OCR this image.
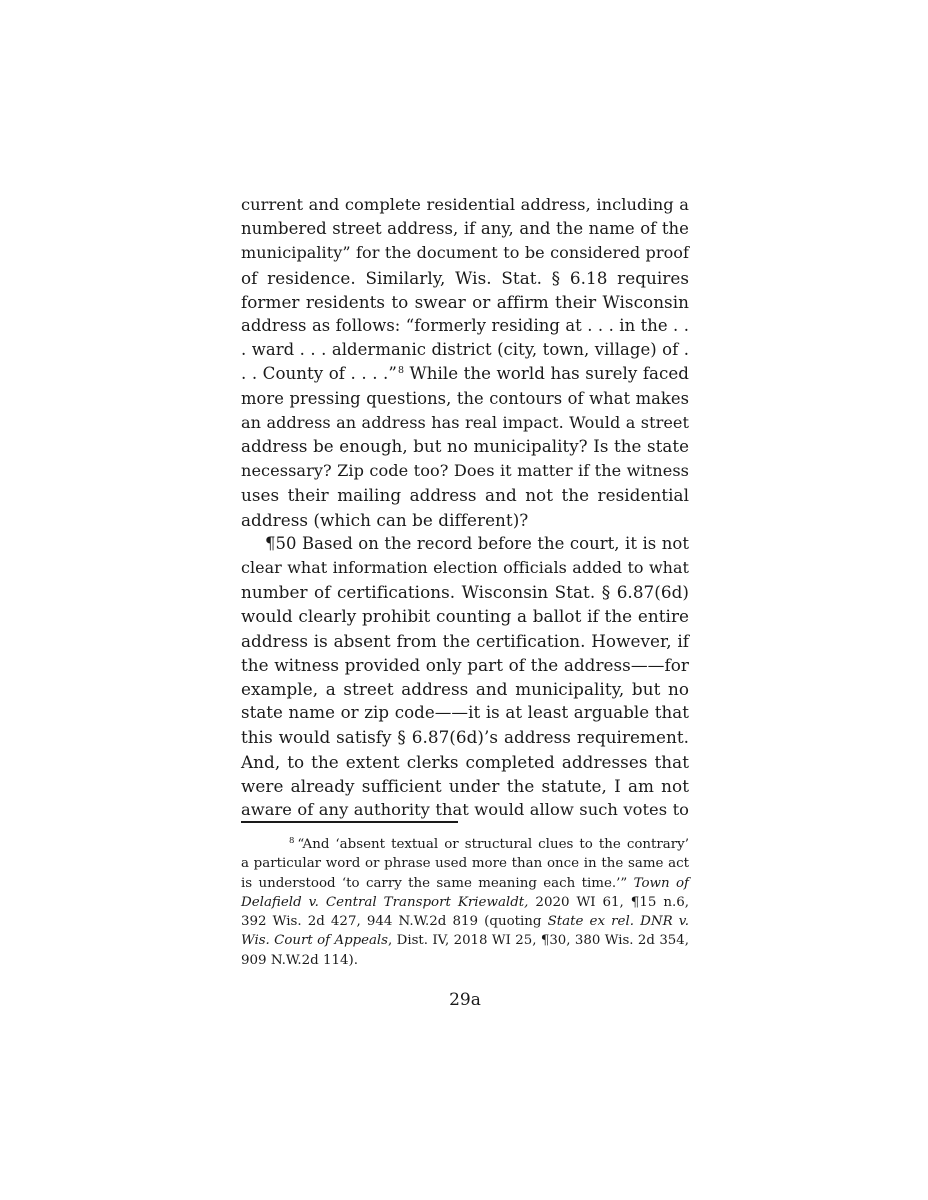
current and complete residential address, including a
numbered street address, if any, and the name of the
municipality” for the document to be considered proof
of residence. Similarly, Wis. Stat. § 6.18 requires
former residents to swear or affirm their Wisconsin
address as follows: “formerly residing at . . . in the . .
. ward . . . aldermanic district (city, town, village) of .
. . County of . . . .”$^8$ While the world has surely faced
more pressing questions, the contours of what makes
an address an address has real impact. Would a street
address be enough, but no municipality? Is the state
necessary? Zip code too? Does it matter if the witness
uses their mailing address and not the residential
address (which can be different)?
¶50 Based on the record before the court, it is not
clear what information election officials added to what
number of certifications. Wisconsin Stat. § 6.87(6d)
would clearly prohibit counting a ballot if the entire
address is absent from the certification. However, if
the witness provided only part of the address——for
example, a street address and municipality, but no
state name or zip code——it is at least arguable that
this would satisfy § 6.87(6d)’s address requirement.
And, to the extent clerks completed addresses that
were already sufficient under the statute, I am not
aware of any authority that would allow such votes to
$^8$ “And ‘absent textual or structural clues to the contrary’
a particular word or phrase used more than once in the same act
is understood ‘to carry the same meaning each time.’” Town of
Delafield v. Central Transport Kriewaldt, 2020 WI 61, ¶15 n.6,
392 Wis. 2d 427, 944 N.W.2d 819 (quoting State ex rel. DNR v.
Wis. Court of Appeals, Dist. IV, 2018 WI 25, ¶30, 380 Wis. 2d 354,
909 N.W.2d 114).
29a
